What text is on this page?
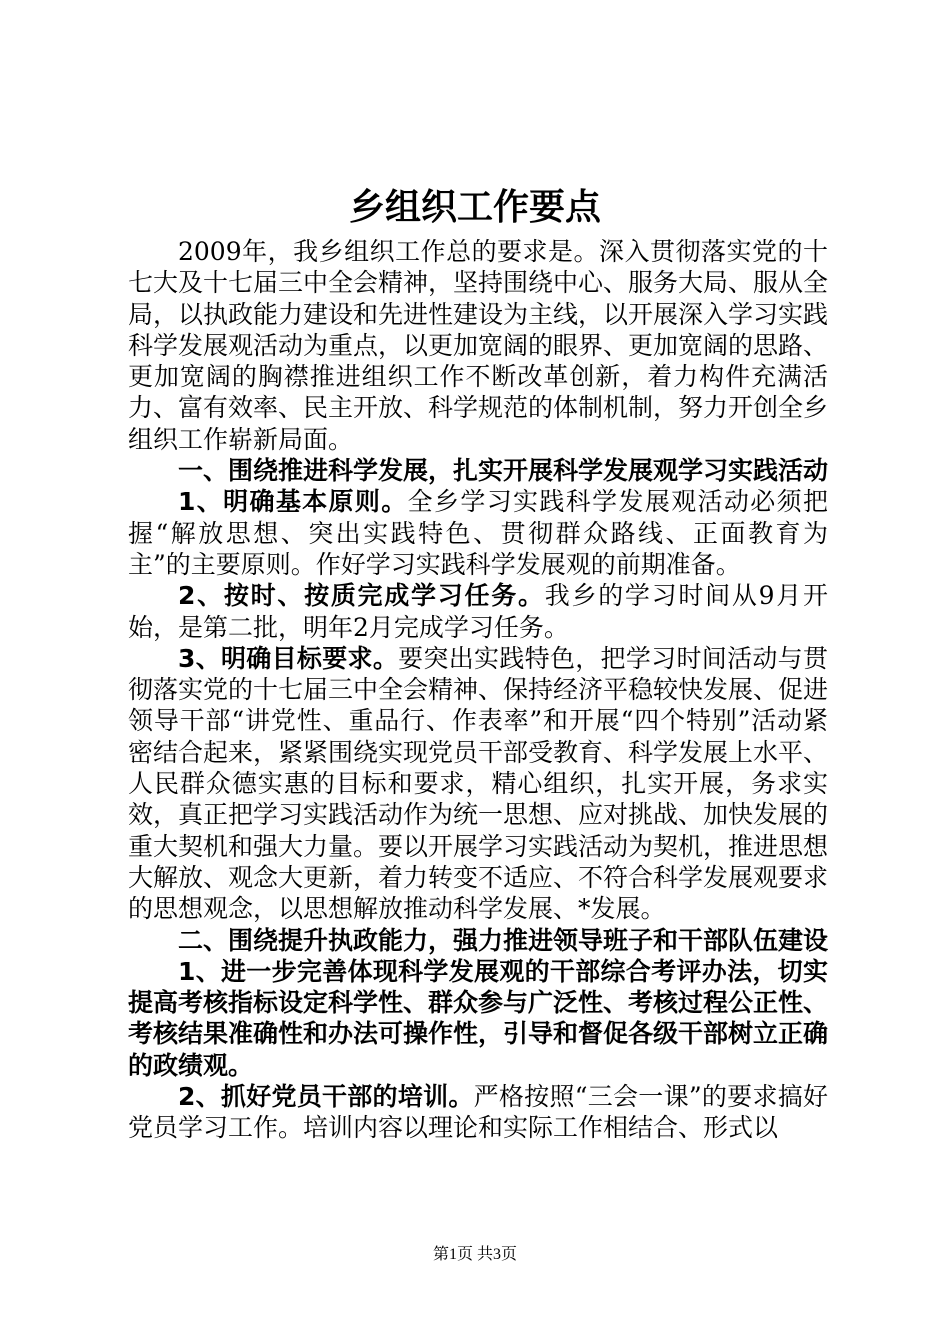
乡组织工作要点

2009年，我乡组织工作总的要求是。深入贯彻落实党的十七大及十七届三中全会精神，坚持围绕中心、服务大局、服从全局，以执政能力建设和先进性建设为主线，以开展深入学习实践科学发展观活动为重点，以更加宽阔的眼界、更加宽阔的思路、更加宽阔的胸襟推进组织工作不断改革创新，着力构件充满活力、富有效率、民主开放、科学规范的体制机制，努力开创全乡组织工作崭新局面。

一、围绕推进科学发展，扎实开展科学发展观学习实践活动

1、明确基本原则。全乡学习实践科学发展观活动必须把握“解放思想、突出实践特色、贯彻群众路线、正面教育为主”的主要原则。作好学习实践科学发展观的前期准备。

2、按时、按质完成学习任务。我乡的学习时间从9月开始，是第二批，明年2月完成学习任务。

3、明确目标要求。要突出实践特色，把学习时间活动与贯彻落实党的十七届三中全会精神、保持经济平稳较快发展、促进领导干部“讲党性、重品行、作表率”和开展“四个特别”活动紧密结合起来，紧紧围绕实现党员干部受教育、科学发展上水平、人民群众德实惠的目标和要求，精心组织，扎实开展，务求实效，真正把学习实践活动作为统一思想、应对挑战、加快发展的重大契机和强大力量。要以开展学习实践活动为契机，推进思想大解放、观念大更新，着力转变不适应、不符合科学发展观要求的思想观念，以思想解放推动科学发展、*发展。

二、围绕提升执政能力，强力推进领导班子和干部队伍建设

1、进一步完善体现科学发展观的干部综合考评办法，切实提高考核指标设定科学性、群众参与广泛性、考核过程公正性、考核结果准确性和办法可操作性，引导和督促各级干部树立正确的政绩观。

2、抓好党员干部的培训。严格按照“三会一课”的要求搞好党员学习工作。培训内容以理论和实际工作相结合、形式以

第1页 共3页
